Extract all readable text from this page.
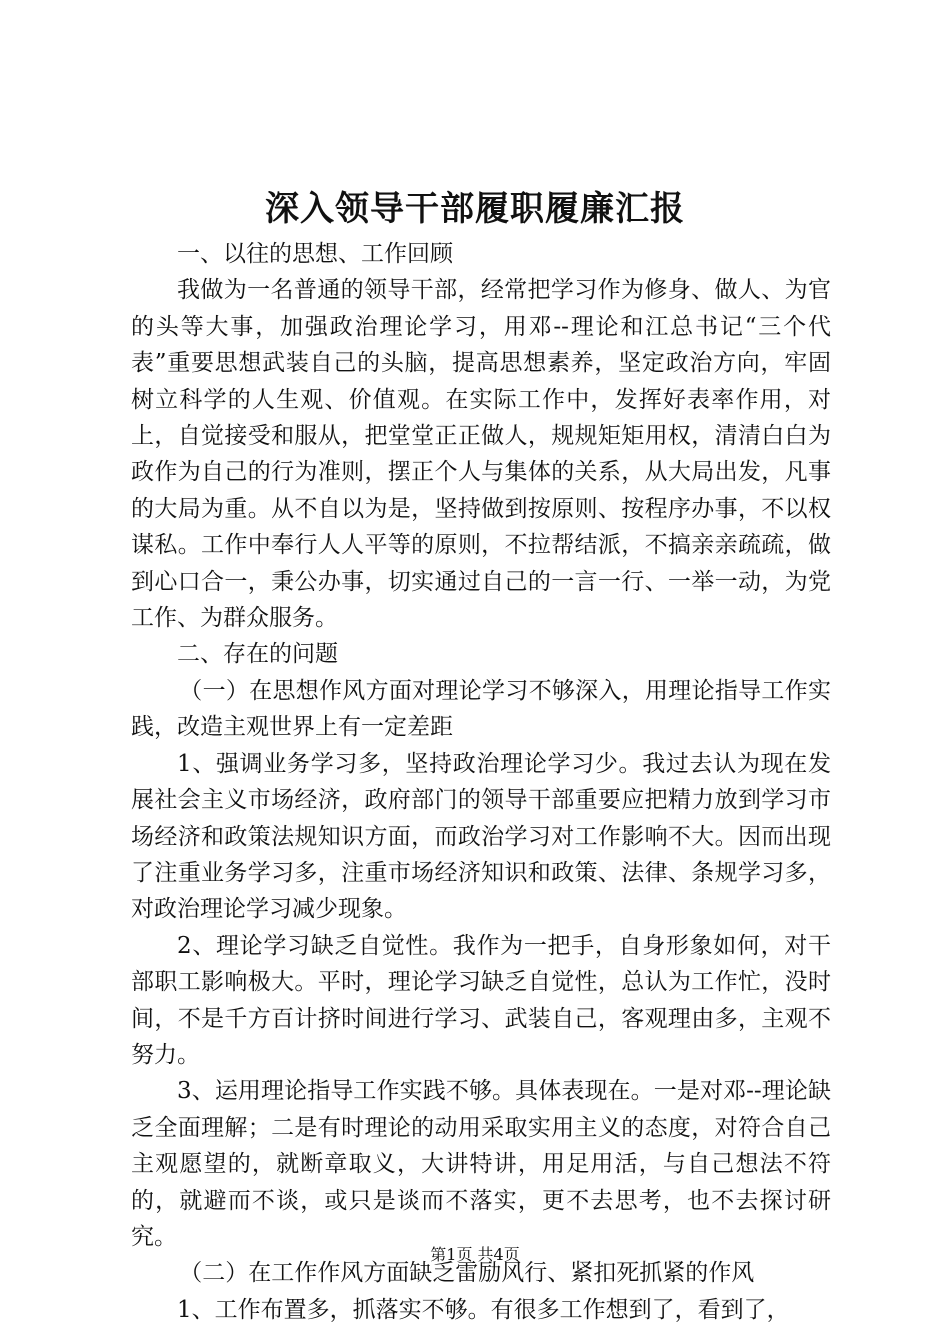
深入领导干部履职履廉汇报

一、以往的思想、工作回顾

我做为一名普通的领导干部，经常把学习作为修身、做人、为官的头等大事，加强政治理论学习，用邓--理论和江总书记“三个代表”重要思想武装自己的头脑，提高思想素养，坚定政治方向，牢固树立科学的人生观、价值观。在实际工作中，发挥好表率作用，对上，自觉接受和服从，把堂堂正正做人，规规矩矩用权，清清白白为政作为自己的行为准则，摆正个人与集体的关系，从大局出发，凡事的大局为重。从不自以为是，坚持做到按原则、按程序办事，不以权谋私。工作中奉行人人平等的原则，不拉帮结派，不搞亲亲疏疏，做到心口合一，秉公办事，切实通过自己的一言一行、一举一动，为党工作、为群众服务。

二、存在的问题

（一）在思想作风方面对理论学习不够深入，用理论指导工作实践，改造主观世界上有一定差距

1、强调业务学习多，坚持政治理论学习少。我过去认为现在发展社会主义市场经济，政府部门的领导干部重要应把精力放到学习市场经济和政策法规知识方面，而政治学习对工作影响不大。因而出现了注重业务学习多，注重市场经济知识和政策、法律、条规学习多，对政治理论学习减少现象。

2、理论学习缺乏自觉性。我作为一把手，自身形象如何，对干部职工影响极大。平时，理论学习缺乏自觉性，总认为工作忙，没时间，不是千方百计挤时间进行学习、武装自己，客观理由多，主观不努力。

3、运用理论指导工作实践不够。具体表现在。一是对邓--理论缺乏全面理解；二是有时理论的动用采取实用主义的态度，对符合自己主观愿望的，就断章取义，大讲特讲，用足用活，与自己想法不符的，就避而不谈，或只是谈而不落实，更不去思考，也不去探讨研究。

（二）在工作作风方面缺乏雷励风行、紧扣死抓紧的作风

1、工作布置多，抓落实不够。有很多工作想到了，看到了，

第1页 共4页
